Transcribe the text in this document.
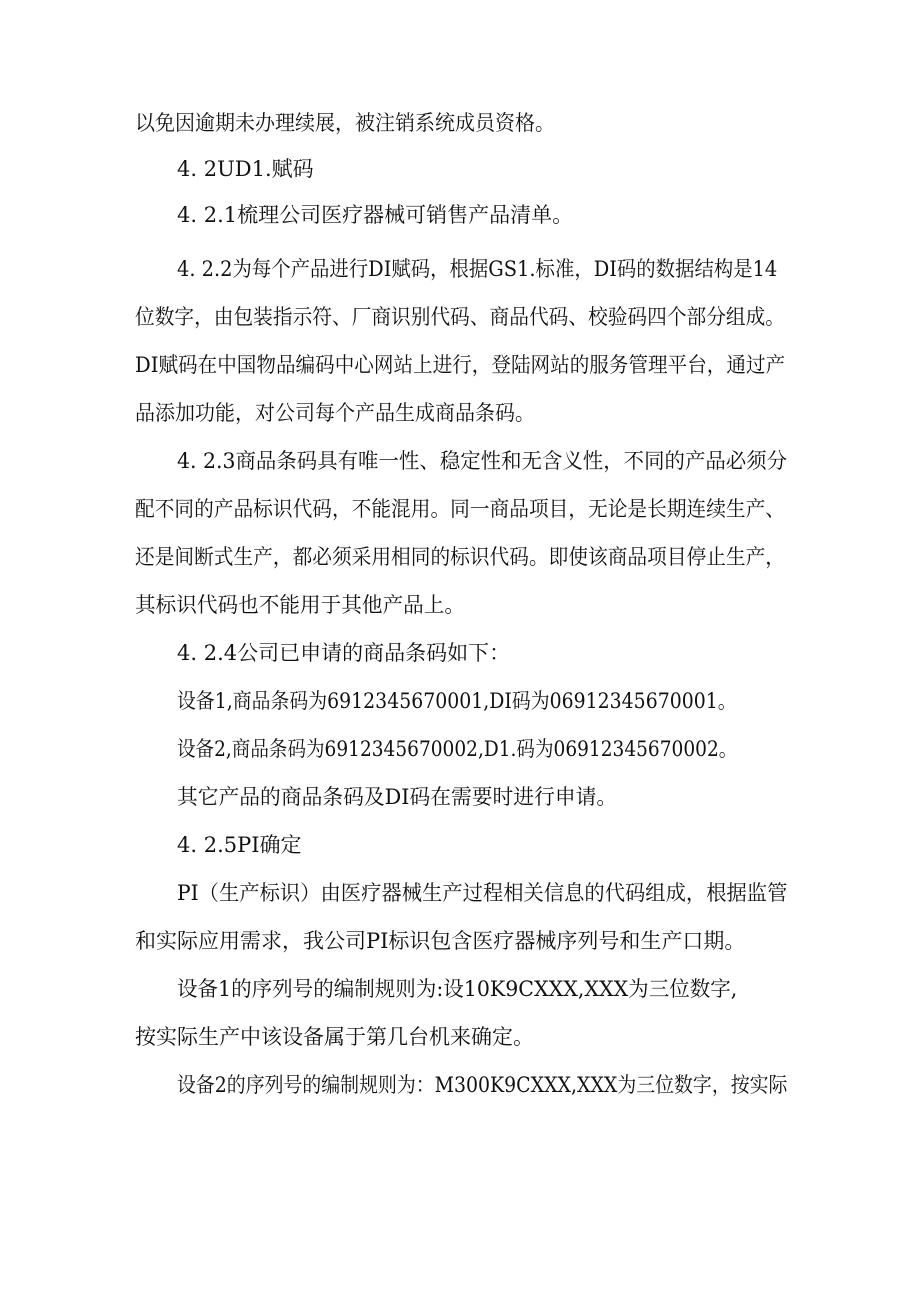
以免因逾期未办理续展，被注销系统成员资格。
4. 2UD1.赋码
4. 2.1梳理公司医疗器械可销售产品清单。
4. 2.2为每个产品进行DI赋码，根据GS1.标准，DI码的数据结构是14
位数字，由包装指示符、厂商识别代码、商品代码、校验码四个部分组成。
DI赋码在中国物品编码中心网站上进行，登陆网站的服务管理平台，通过产
品添加功能，对公司每个产品生成商品条码。
4. 2.3商品条码具有唯一性、稳定性和无含义性，不同的产品必须分
配不同的产品标识代码，不能混用。同一商品项目，无论是长期连续生产、
还是间断式生产，都必须采用相同的标识代码。即使该商品项目停止生产，
其标识代码也不能用于其他产品上。
4. 2.4公司已申请的商品条码如下：
设备1,商品条码为6912345670001,DI码为06912345670001。
设备2,商品条码为6912345670002,D1.码为06912345670002。
其它产品的商品条码及DI码在需要时进行申请。
4. 2.5PI确定
PI（生产标识）由医疗器械生产过程相关信息的代码组成，根据监管
和实际应用需求，我公司PI标识包含医疗器械序列号和生产口期。
设备1的序列号的编制规则为:设10K9CXXX,XXX为三位数字,
按实际生产中该设备属于第几台机来确定。
设备2的序列号的编制规则为：M300K9CXXX,XXX为三位数字，按实际
